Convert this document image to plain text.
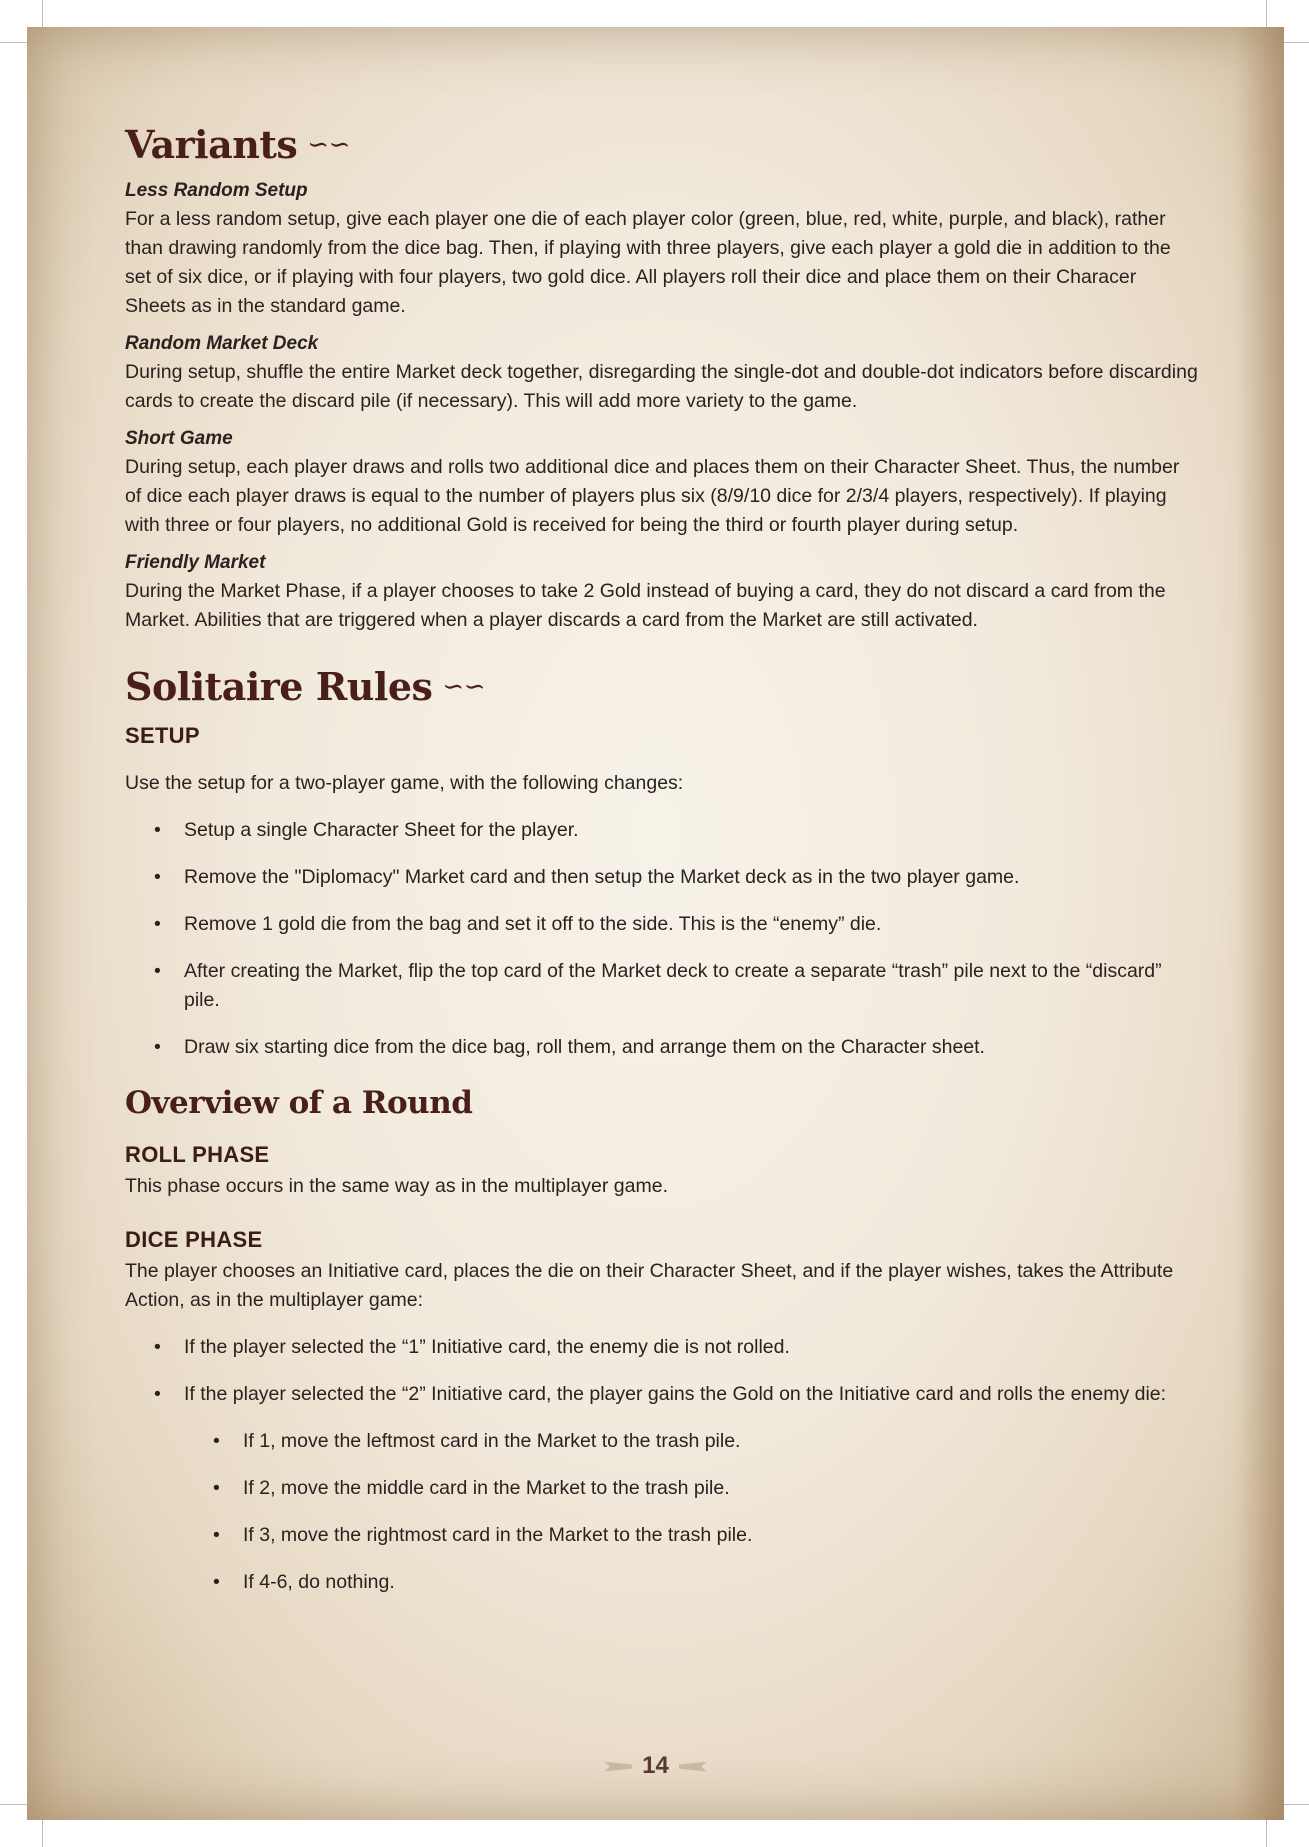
Variants ∽∽

Less Random Setup

For a less random setup, give each player one die of each player color (green, blue, red, white, purple, and black), rather than drawing randomly from the dice bag. Then, if playing with three players, give each player a gold die in addition to the set of six dice, or if playing with four players, two gold dice. All players roll their dice and place them on their Characer Sheets as in the standard game.

Random Market Deck

During setup, shuffle the entire Market deck together, disregarding the single-dot and double-dot indicators before discarding cards to create the discard pile (if necessary). This will add more variety to the game.

Short Game

During setup, each player draws and rolls two additional dice and places them on their Character Sheet. Thus, the number of dice each player draws is equal to the number of players plus six (8/9/10 dice for 2/3/4 players, respectively). If playing with three or four players, no additional Gold is received for being the third or fourth player during setup.

Friendly Market

During the Market Phase, if a player chooses to take 2 Gold instead of buying a card, they do not discard a card from the Market. Abilities that are triggered when a player discards a card from the Market are still activated.

Solitaire Rules ∽∽

SETUP

Use the setup for a two-player game, with the following changes:

• Setup a single Character Sheet for the player.
• Remove the "Diplomacy" Market card and then setup the Market deck as in the two player game.
• Remove 1 gold die from the bag and set it off to the side. This is the “enemy” die.
• After creating the Market, flip the top card of the Market deck to create a separate “trash” pile next to the “discard” pile.
• Draw six starting dice from the dice bag, roll them, and arrange them on the Character sheet.
Overview of a Round

ROLL PHASE

This phase occurs in the same way as in the multiplayer game.

DICE PHASE

The player chooses an Initiative card, places the die on their Character Sheet, and if the player wishes, takes the Attribute Action, as in the multiplayer game:

• If the player selected the “1” Initiative card, the enemy die is not rolled.
• If the player selected the “2” Initiative card, the player gains the Gold on the Initiative card and rolls the enemy die:
• If 1, move the leftmost card in the Market to the trash pile.
• If 2, move the middle card in the Market to the trash pile.
• If 3, move the rightmost card in the Market to the trash pile.
• If 4-6, do nothing.
14
